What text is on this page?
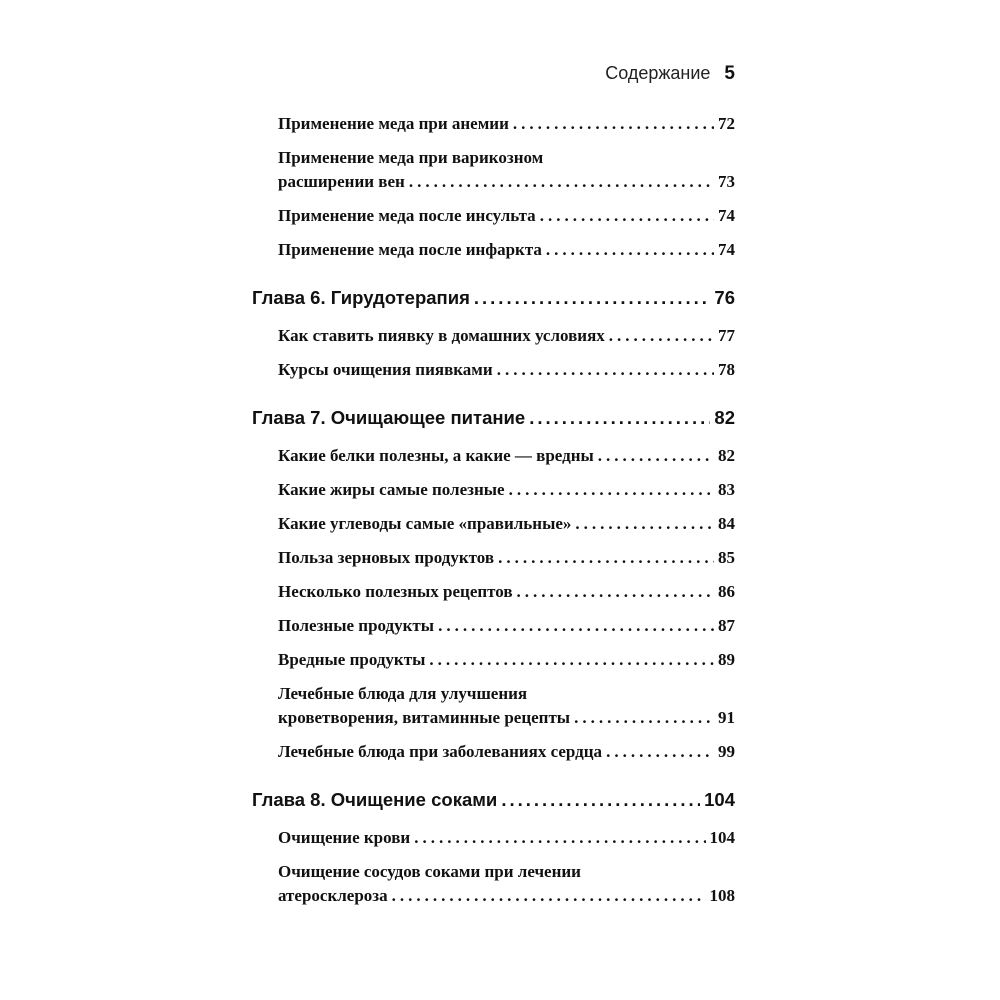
Содержание 5
Применение меда при анемии .....	72
Применение меда при варикозном
расширении вен .....	73
Применение меда после инсульта .....	74
Применение меда после инфаркта .....	74
Глава 6. Гирудотерапия .....	76
Как ставить пиявку в домашних условиях .....	77
Курсы очищения пиявками .....	78
Глава 7. Очищающее питание .....	82
Какие белки полезны, а какие — вредны .....	82
Какие жиры самые полезные .....	83
Какие углеводы самые «правильные» .....	84
Польза зерновых продуктов .....	85
Несколько полезных рецептов .....	86
Полезные продукты .....	87
Вредные продукты .....	89
Лечебные блюда для улучшения
кроветворения, витаминные рецепты .....	91
Лечебные блюда при заболеваниях сердца .....	99
Глава 8. Очищение соками .....	104
Очищение крови .....	104
Очищение сосудов соками при лечении
атеросклероза .....	108
